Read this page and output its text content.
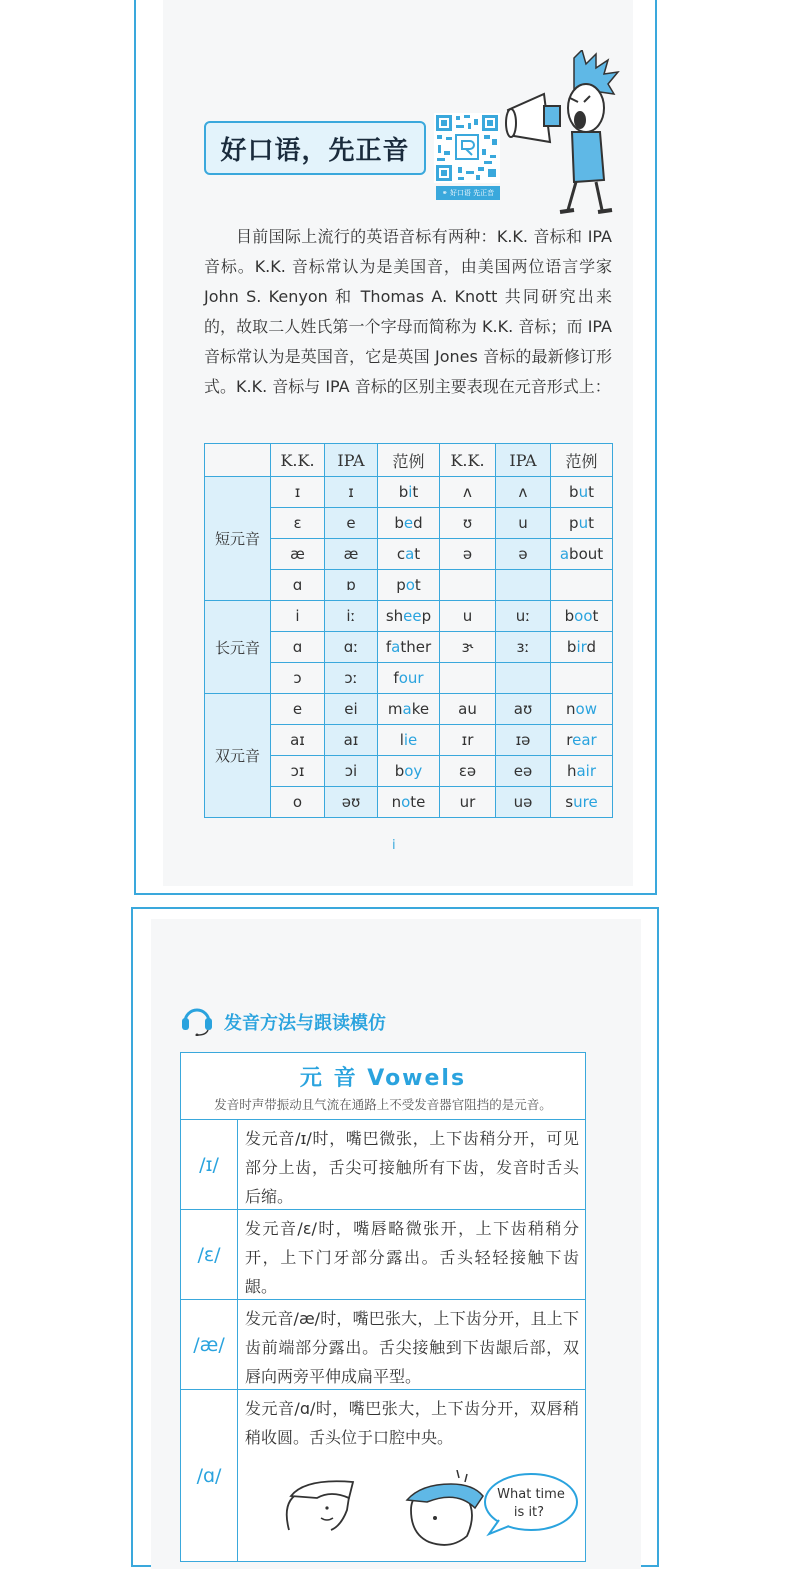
好口语，先正音
⚭ 好口语 先正音

目前国际上流行的英语音标有两种：K.K. 音标和 IPA 音标。K.K. 音标常认为是美国音，由美国两位语言学家 John S. Kenyon 和 Thomas A. Knott 共同研究出来的，故取二人姓氏第一个字母而简称为 K.K. 音标；而 IPA 音标常认为是英国音，它是英国 Jones 音标的最新修订形式。K.K. 音标与 IPA 音标的区别主要表现在元音形式上：

	K.K.	IPA	范例	K.K.	IPA	范例
短元音	ɪ	ɪ	bit	ʌ	ʌ	but
	ɛ	e	bed	ʊ	u	put
	æ	æ	cat	ə	ə	about
	ɑ	ɒ	pot			
长元音	i	iː	sheep	u	uː	boot
	ɑ	ɑː	father	ɝ	ɜː	bird
	ɔ	ɔː	four			
双元音	e	ei	make	au	aʊ	now
	aɪ	aɪ	lie	ɪr	ɪə	rear
	ɔɪ	ɔi	boy	ɛə	eə	hair
	o	əʊ	note	ur	uə	sure
i
发音方法与跟读模仿
元 音 Vowels
发音时声带振动且气流在通路上不受发音器官阻挡的是元音。
/ɪ/
发元音/ɪ/时，嘴巴微张，上下齿稍分开，可见部分上齿，舌尖可接触所有下齿，发音时舌头后缩。
/ɛ/
发元音/ɛ/时，嘴唇略微张开，上下齿稍稍分开，上下门牙部分露出。舌头轻轻接触下齿龈。
/æ/
发元音/æ/时，嘴巴张大，上下齿分开，且上下齿前端部分露出。舌尖接触到下齿龈后部，双唇向两旁平伸成扁平型。
/ɑ/
发元音/ɑ/时，嘴巴张大，上下齿分开，双唇稍稍收圆。舌头位于口腔中央。
What time
is it?
